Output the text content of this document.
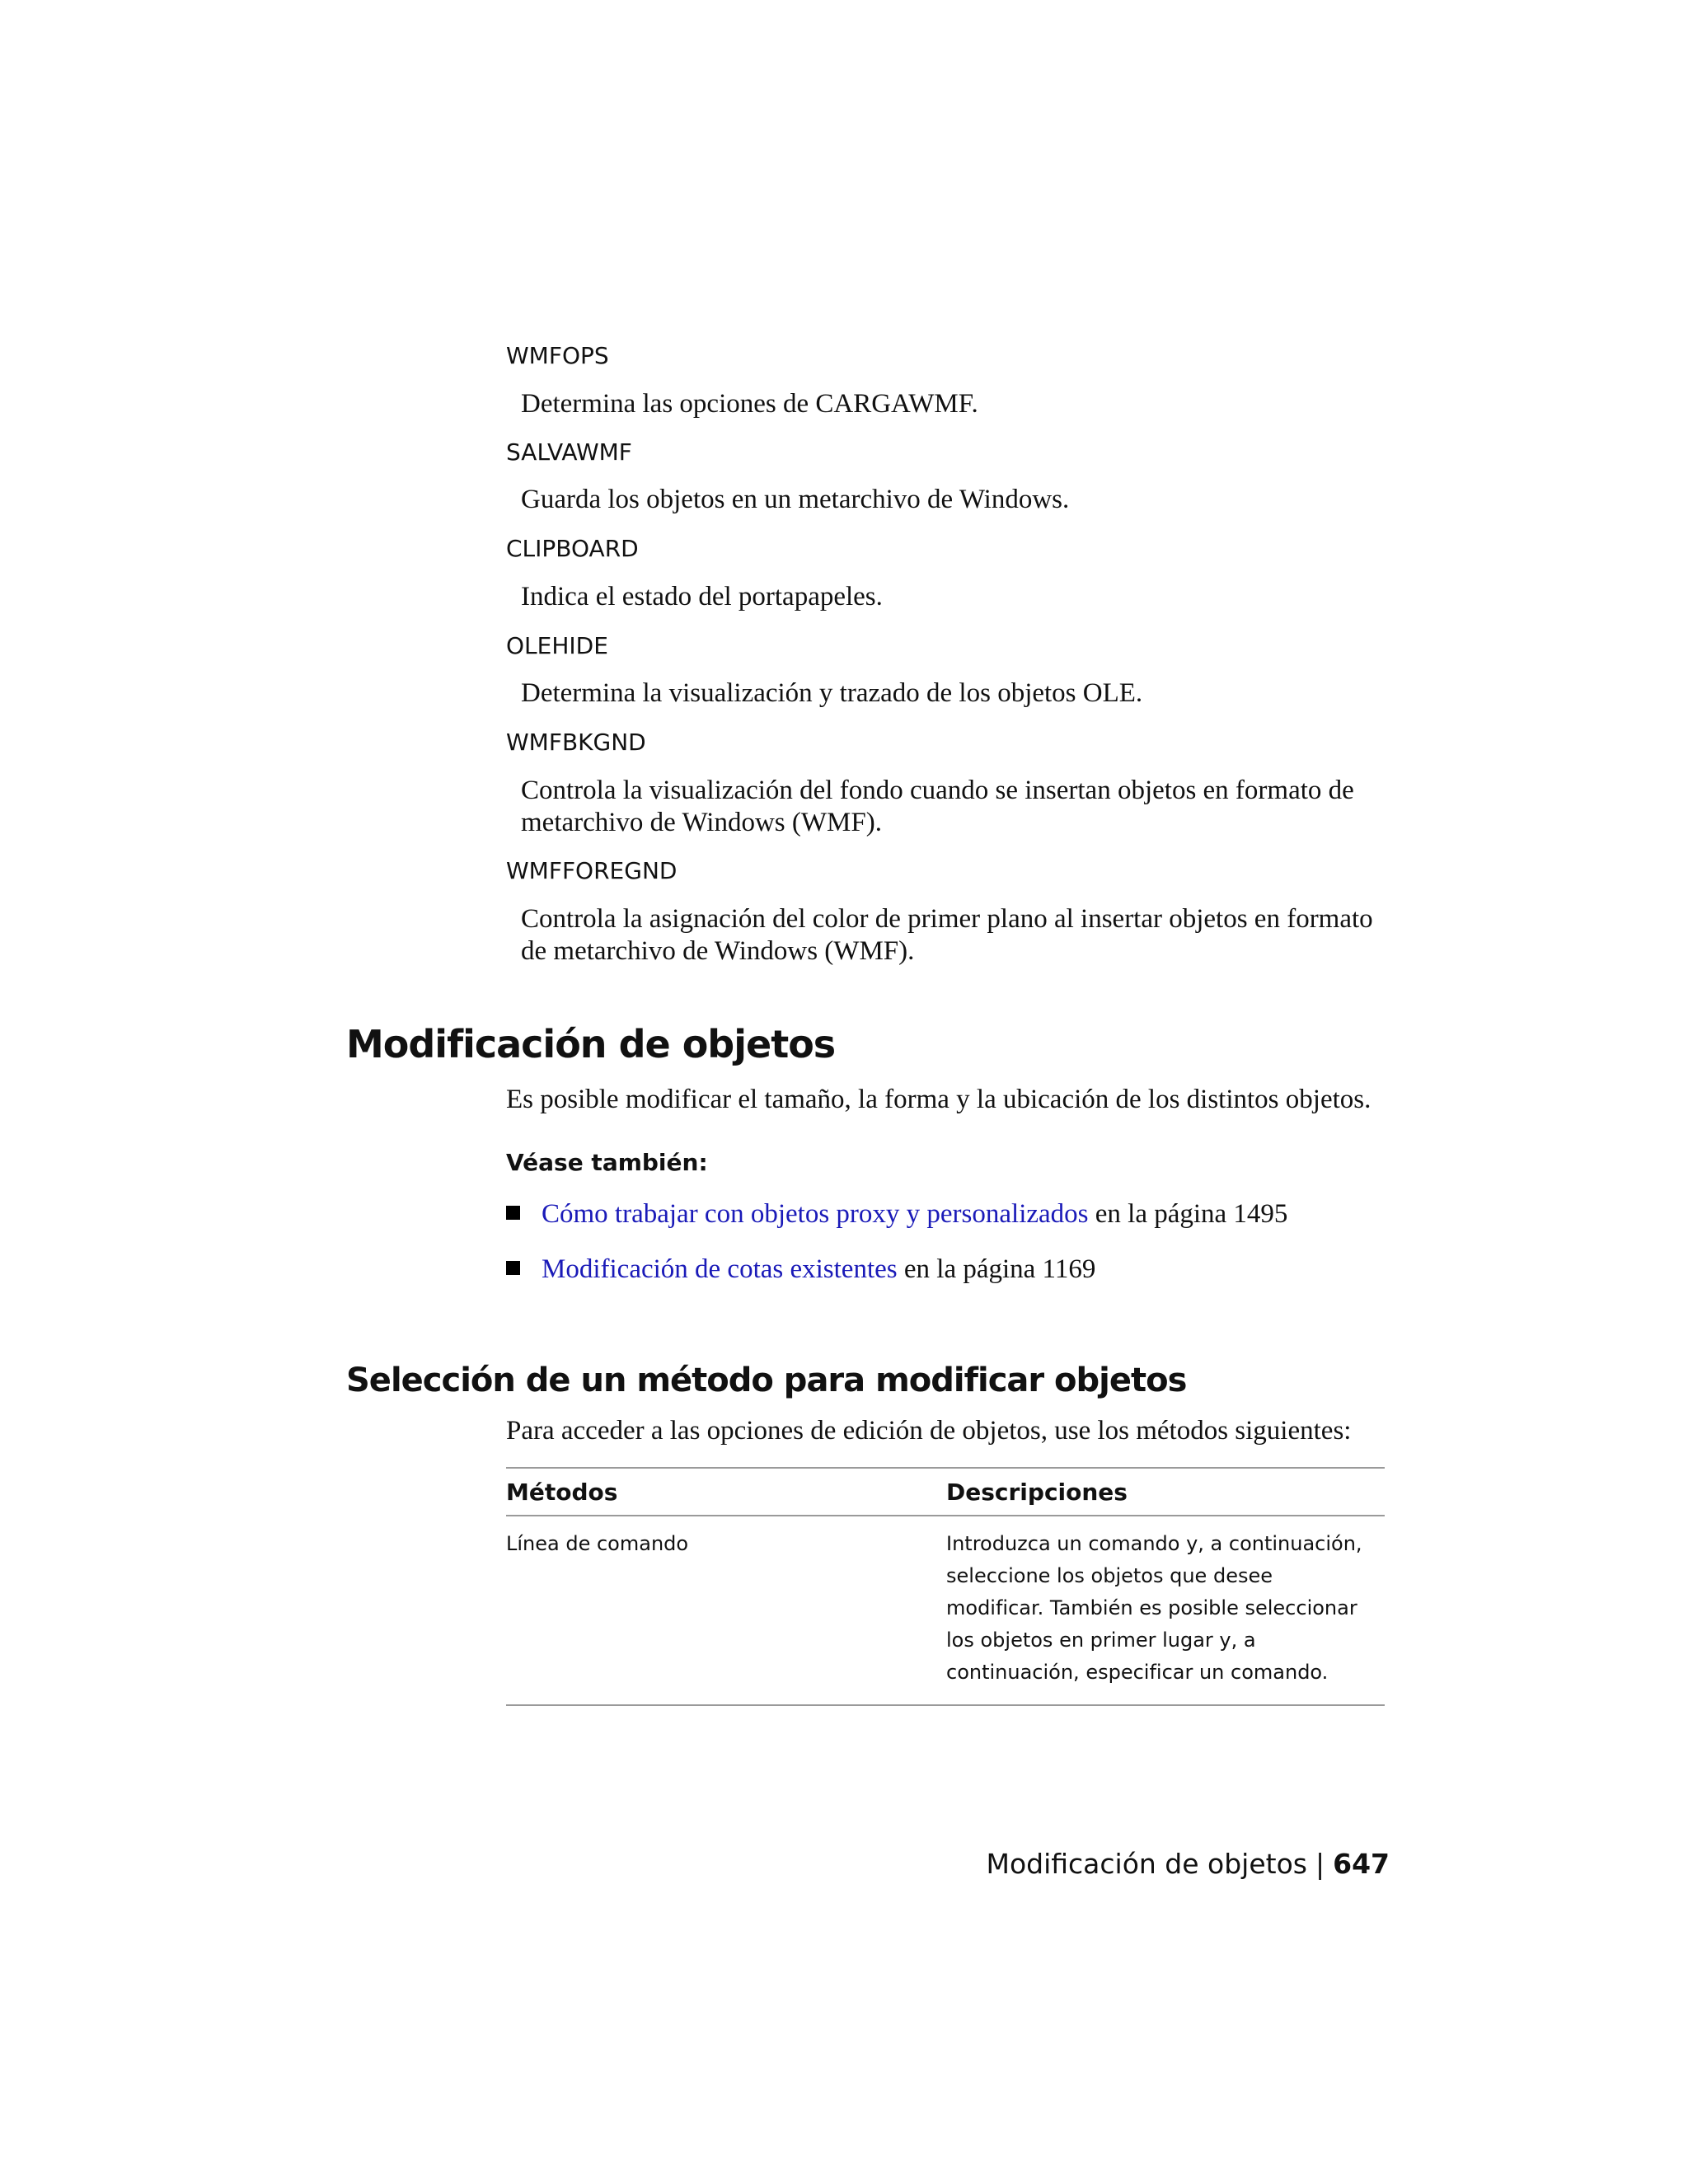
WMFOPS
Determina las opciones de CARGAWMF.
SALVAWMF
Guarda los objetos en un metarchivo de Windows.
CLIPBOARD
Indica el estado del portapapeles.
OLEHIDE
Determina la visualización y trazado de los objetos OLE.
WMFBKGND
Controla la visualización del fondo cuando se insertan objetos en formato de metarchivo de Windows (WMF).
WMFFOREGND
Controla la asignación del color de primer plano al insertar objetos en formato de metarchivo de Windows (WMF).
Modificación de objetos
Es posible modificar el tamaño, la forma y la ubicación de los distintos objetos.
Véase también:
Cómo trabajar con objetos proxy y personalizados en la página 1495
Modificación de cotas existentes en la página 1169
Selección de un método para modificar objetos
Para acceder a las opciones de edición de objetos, use los métodos siguientes:
Métodos	Descripciones
Línea de comando	Introduzca un comando y, a continuación, seleccione los objetos que desee modificar. También es posible seleccionar los objetos en primer lugar y, a continuación, especificar un comando.
Modificación de objetos | 647
